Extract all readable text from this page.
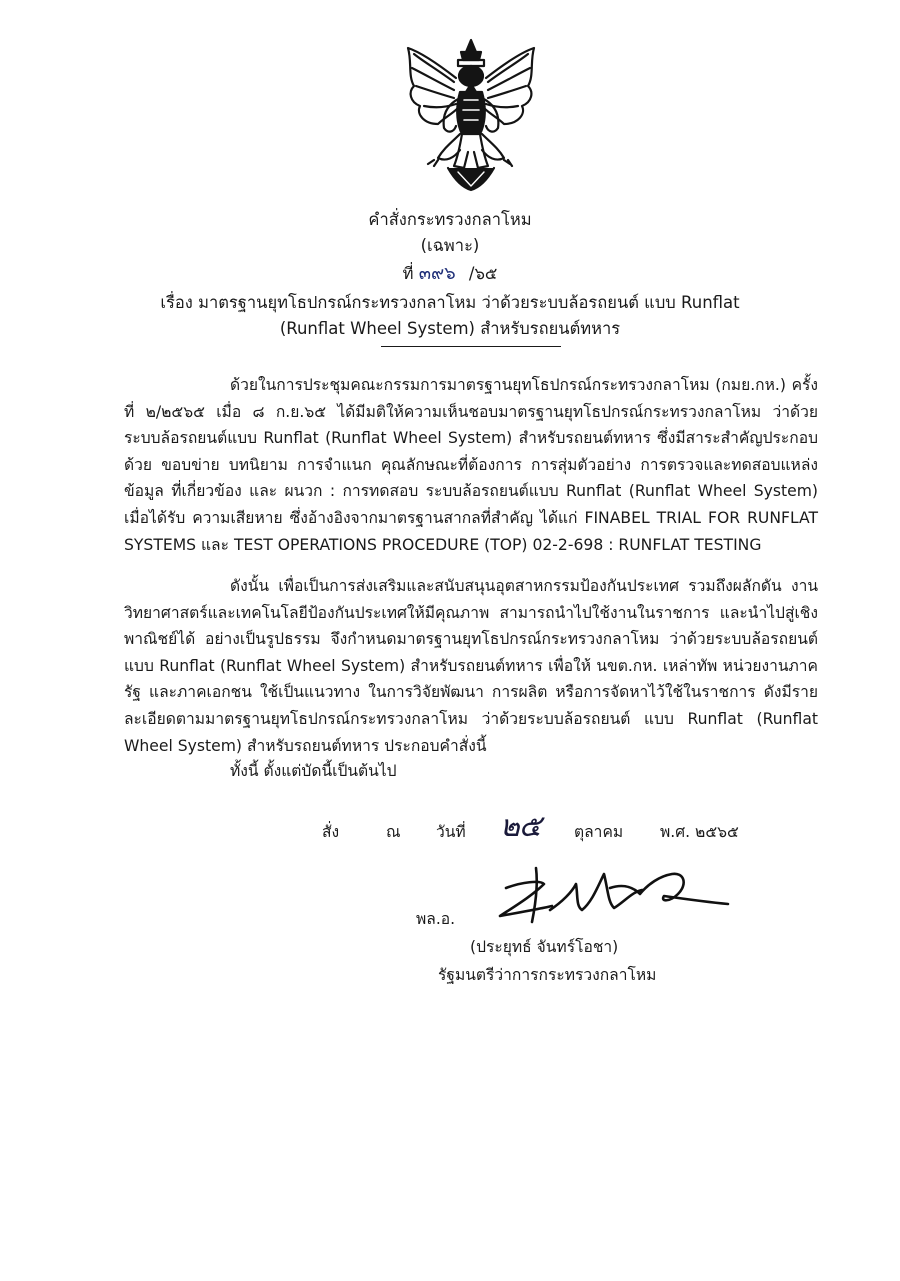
คำสั่งกระทรวงกลาโหม
(เฉพาะ)
ที่ ๓๙๖ /๖๕
เรื่อง มาตรฐานยุทโธปกรณ์กระทรวงกลาโหม ว่าด้วยระบบล้อรถยนต์ แบบ Runflat
(Runflat Wheel System) สำหรับรถยนต์ทหาร
ด้วยในการประชุมคณะกรรมการมาตรฐานยุทโธปกรณ์กระทรวงกลาโหม (กมย.กห.) ครั้งที่ ๒/๒๕๖๕ เมื่อ ๘ ก.ย.๖๕ ได้มีมติให้ความเห็นชอบมาตรฐานยุทโธปกรณ์กระทรวงกลาโหม ว่าด้วย ระบบล้อรถยนต์แบบ Runflat (Runflat Wheel System) สำหรับรถยนต์ทหาร ซึ่งมีสาระสำคัญประกอบด้วย ขอบข่าย บทนิยาม การจำแนก คุณลักษณะที่ต้องการ การสุ่มตัวอย่าง การตรวจและทดสอบแหล่งข้อมูล ที่เกี่ยวข้อง และ ผนวก : การทดสอบ ระบบล้อรถยนต์แบบ Runflat (Runflat Wheel System) เมื่อได้รับ ความเสียหาย ซึ่งอ้างอิงจากมาตรฐานสากลที่สำคัญ ได้แก่ FINABEL TRIAL FOR RUNFLAT SYSTEMS และ TEST OPERATIONS PROCEDURE (TOP) 02-2-698 : RUNFLAT TESTING
ดังนั้น เพื่อเป็นการส่งเสริมและสนับสนุนอุตสาหกรรมป้องกันประเทศ รวมถึงผลักดัน งานวิทยาศาสตร์และเทคโนโลยีป้องกันประเทศให้มีคุณภาพ สามารถนำไปใช้งานในราชการ และนำไปสู่เชิงพาณิชย์ได้ อย่างเป็นรูปธรรม จึงกำหนดมาตรฐานยุทโธปกรณ์กระทรวงกลาโหม ว่าด้วยระบบล้อรถยนต์ แบบ Runflat (Runflat Wheel System) สำหรับรถยนต์ทหาร เพื่อให้ นขต.กห. เหล่าทัพ หน่วยงานภาครัฐ และภาคเอกชน ใช้เป็นแนวทาง ในการวิจัยพัฒนา การผลิต หรือการจัดหาไว้ใช้ในราชการ ดังมีรายละเอียดตามมาตรฐานยุทโธปกรณ์กระทรวงกลาโหม ว่าด้วยระบบล้อรถยนต์ แบบ Runflat (Runflat Wheel System) สำหรับรถยนต์ทหาร ประกอบคำสั่งนี้
ทั้งนี้ ตั้งแต่บัดนี้เป็นต้นไป
สั่ง	ณ วันที่ ๒๕ ตุลาคม พ.ศ. ๒๕๖๕
พล.อ.
(ประยุทธ์ จันทร์โอชา)
รัฐมนตรีว่าการกระทรวงกลาโหม
